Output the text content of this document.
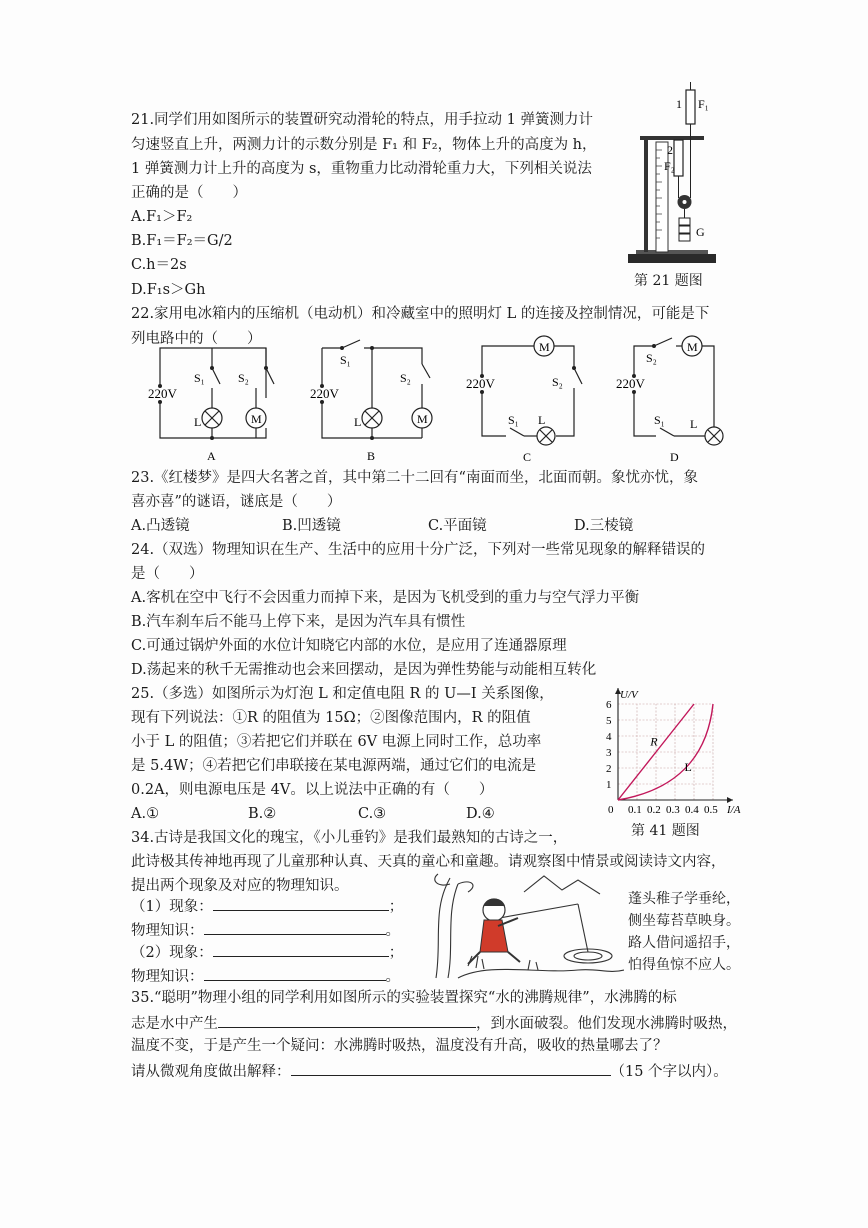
21.同学们用如图所示的装置研究动滑轮的特点，用手拉动 1 弹簧测力计
匀速竖直上升，两测力计的示数分别是 F₁ 和 F₂，物体上升的高度为 h，
1 弹簧测力计上升的高度为 s，重物重力比动滑轮重力大，下列相关说法
正确的是（　　）
A.F₁＞F₂
B.F₁＝F₂＝G/2
C.h＝2s
D.F₁s＞Gh
1 F₁
2
F₂
G
第 21 题图
22.家用电冰箱内的压缩机（电动机）和冷藏室中的照明灯 L 的连接及控制情况，可能是下
列电路中的（　　）
220V
S₁	S₂
L	M
A
220V
S₁
S₂
L	M
B
220V
M
S₂
S₁ L
C
220V
S₂
M
S₁ L
D
23.《红楼梦》是四大名著之首，其中第二十二回有“南面而坐，北面而朝。象忧亦忧，象
喜亦喜”的谜语，谜底是（　　）
A.凸透镜	B.凹透镜	C.平面镜	D.三棱镜
24.（双选）物理知识在生产、生活中的应用十分广泛，下列对一些常见现象的解释错误的
是（　　）
A.客机在空中飞行不会因重力而掉下来，是因为飞机受到的重力与空气浮力平衡
B.汽车刹车后不能马上停下来，是因为汽车具有惯性
C.可通过锅炉外面的水位计知晓它内部的水位，是应用了连通器原理
D.荡起来的秋千无需推动也会来回摆动，是因为弹性势能与动能相互转化
25.（多选）如图所示为灯泡 L 和定值电阻 R 的 U—I 关系图像，
现有下列说法：①R 的阻值为 15Ω；②图像范围内，R 的阻值
小于 L 的阻值；③若把它们并联在 6V 电源上同时工作，总功率
是 5.4W；④若把它们串联接在某电源两端，通过它们的电流是
0.2A，则电源电压是 4V。以上说法中正确的有（　　）
A.①	B.②	C.③	D.④
1
2
3
4
5
6
0.1 0.2 0.3 0.4 0.5
0
U/V
I/A
R
L
第 41 题图
34.古诗是我国文化的瑰宝，《小儿垂钓》是我们最熟知的古诗之一，
此诗极其传神地再现了儿童那种认真、天真的童心和童趣。请观察图中情景或阅读诗文内容，
提出两个现象及对应的物理知识。
（1）现象：	；
物理知识：	。
（2）现象：	；
物理知识：	。
蓬头稚子学垂纶，
侧坐莓苔草映身。
路人借问遥招手，
怕得鱼惊不应人。
35.“聪明”物理小组的同学利用如图所示的实验装置探究“水的沸腾规律”，水沸腾的标
志是水中产生	，到水面破裂。他们发现水沸腾时吸热，
温度不变，于是产生一个疑问：水沸腾时吸热，温度没有升高，吸收的热量哪去了？
请从微观角度做出解释：	（15 个字以内）。
